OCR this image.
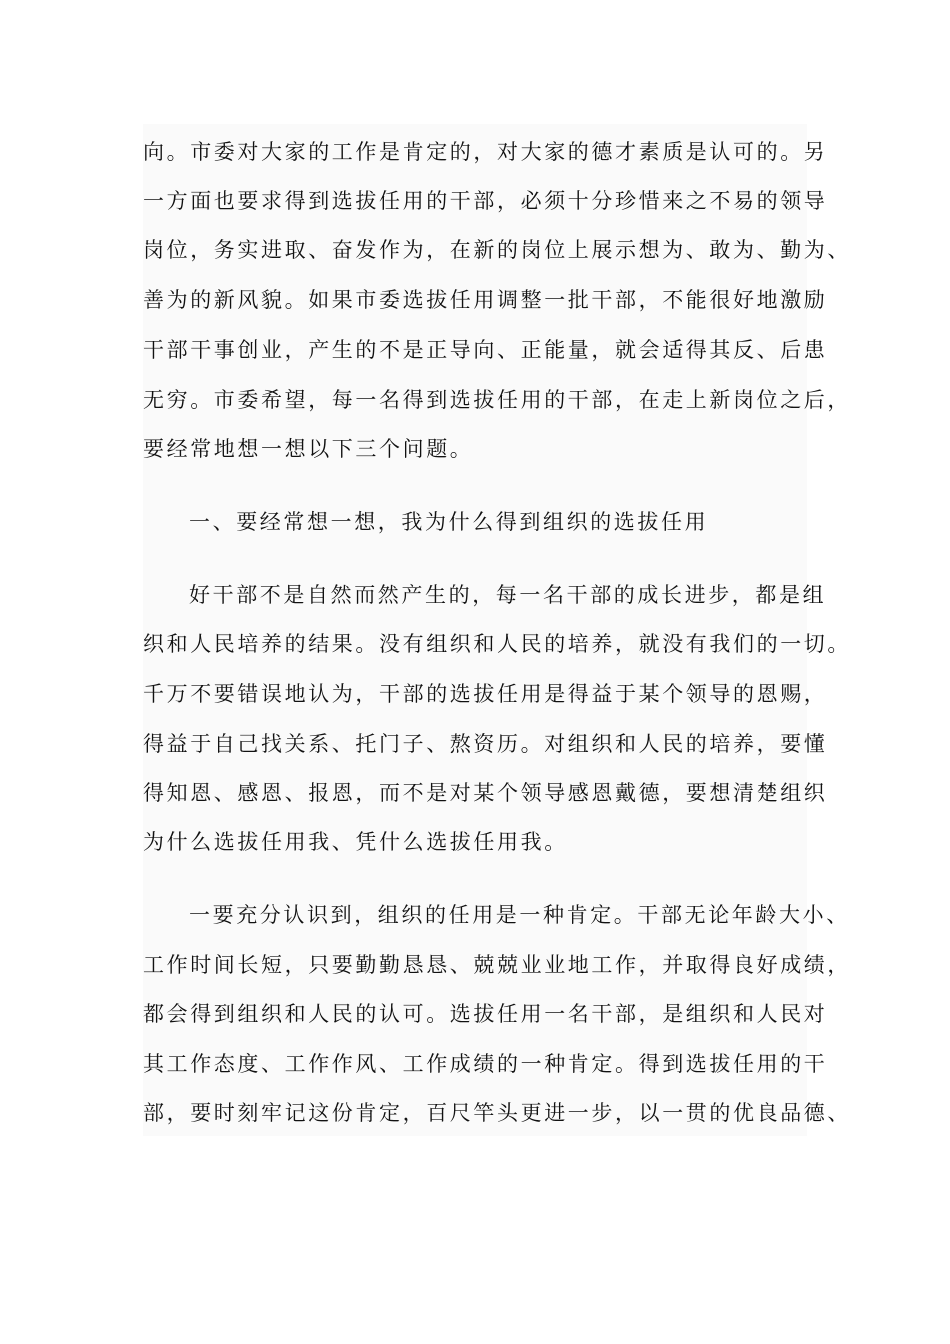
向。市委对大家的工作是肯定的，对大家的德才素质是认可的。另
一方面也要求得到选拔任用的干部，必须十分珍惜来之不易的领导
岗位，务实进取、奋发作为，在新的岗位上展示想为、敢为、勤为、
善为的新风貌。如果市委选拔任用调整一批干部，不能很好地激励
干部干事创业，产生的不是正导向、正能量，就会适得其反、后患
无穷。市委希望，每一名得到选拔任用的干部，在走上新岗位之后，
要经常地想一想以下三个问题。
一、要经常想一想，我为什么得到组织的选拔任用
好干部不是自然而然产生的，每一名干部的成长进步，都是组
织和人民培养的结果。没有组织和人民的培养，就没有我们的一切。
千万不要错误地认为，干部的选拔任用是得益于某个领导的恩赐，
得益于自己找关系、托门子、熬资历。对组织和人民的培养，要懂
得知恩、感恩、报恩，而不是对某个领导感恩戴德，要想清楚组织
为什么选拔任用我、凭什么选拔任用我。
一要充分认识到，组织的任用是一种肯定。干部无论年龄大小、
工作时间长短，只要勤勤恳恳、兢兢业业地工作，并取得良好成绩，
都会得到组织和人民的认可。选拔任用一名干部，是组织和人民对
其工作态度、工作作风、工作成绩的一种肯定。得到选拔任用的干
部，要时刻牢记这份肯定，百尺竿头更进一步，以一贯的优良品德、
